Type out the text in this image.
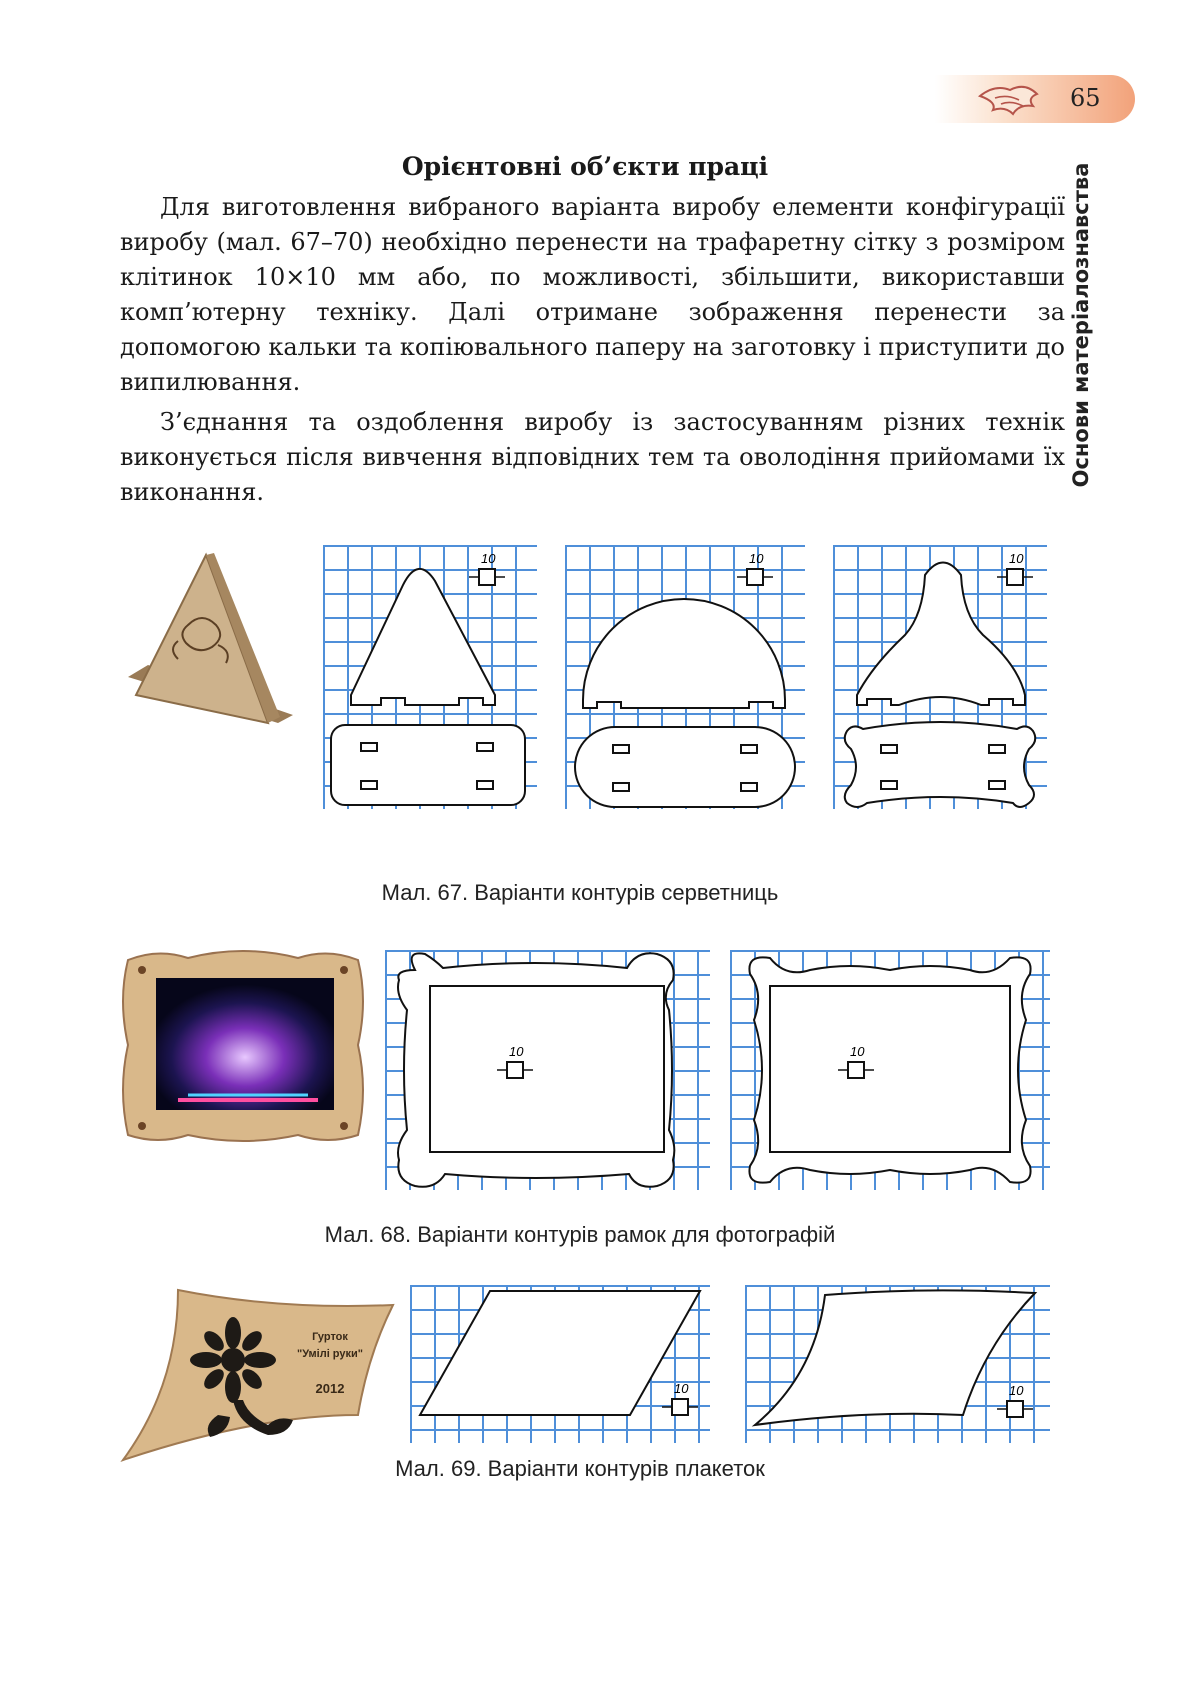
65
Основи матеріалознавства
Орієнтовні об’єкти праці
Для виготовлення вибраного варіанта виробу елементи конфігурації виробу (мал. 67–70) необхідно перенести на трафаретну сітку з розміром клітинок 10×10 мм або, по можливості, збільшити, використавши комп’ютерну техніку. Далі отримане зображення перенести за допомогою кальки та копіювального паперу на заготовку і приступити до випилювання.
З’єднання та оздоблення виробу із застосуванням різних технік виконується після вивчення відповідних тем та оволодіння прийомами їх виконання.
10	10	10
Мал. 67. Варіанти контурів серветниць
10	10
Мал. 68. Варіанти контурів рамок для фотографій
Гурток
"Умілі руки"
2012	10	10
Мал. 69. Варіанти контурів плакеток
